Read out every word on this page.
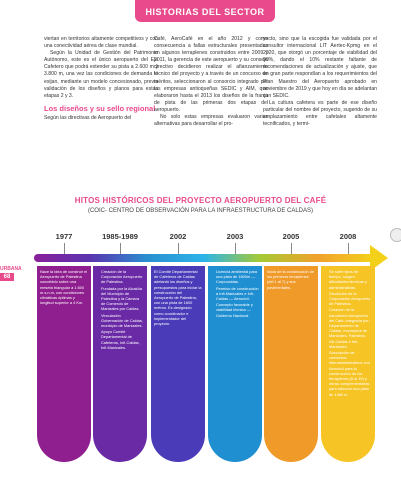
HISTORIAS DEL SECTOR
URBANA
68

viertan en territorios altamente competitivos y con una conectividad aérea de clase mundial.

Según la Unidad de Gestión del Patrimonio Autónomo, este es el único aeropuerto del Eje Cafetero que podrá extender su pista a 2.600 m y 3.800 m, una vez las condiciones de demanda lo exijan, mediante un modelo concesionado, previa validación de los diseños y planos para estas etapas 2 y 3.

Los diseños y su sello regional

Según las directivas de Aeropuerto del

Café, AeroCafé en el año 2012 y como consecuencia a fallas estructurales presentadas en algunos terraplenes construidos entre 2009 y 2011, la gerencia de este aeropuerto y su consejo directivo decidieron realizar el afianzamiento técnico del proyecto y a través de un concurso de méritos, seleccionaron al consorcio integrado por las empresas antioqueñas SEDIC y AIM, que elaboraron hasta el 2013 los diseños de la franja de pista de las primeras dos etapas del aeropuerto.

No solo estas empresas evaluaron varias alternativas para desarrollar el pro-

yecto, sino que la escogida fue validada por el consultor internacional LIT Aertec-Kpmg en el 2020, que otorgó un porcentaje de viabilidad del 90%, dando el 10% restante faltante de recomendaciones de actualización y ajuste, que en gran parte respondían a los requerimientos del Plan Maestro del Aeropuerto aprobado en noviembre de 2019 y que hoy en día se adelantan con SEDIC.

La cultura cafetera es parte de ese diseño particular del nombre del proyecto, sugerido de su emplazamiento entre cafetales altamente tecnificados, y termi-

HITOS HISTÓRICOS DEL PROYECTO AEROPUERTO DEL CAFÉ
(COIC- CENTRO DE OBSERVACIÓN PARA LA INFRAESTRUCTURA DE CALDAS)
1977	1985-1989	2002	2003	2005	2008

Nace la idea de construir el Aeropuerto de Palestina concebido sobre una meseta triangular a 1.600 m.s.n.m, con condiciones climáticas óptimas y longitud superior a 4 Km.

• Creación de la Corporación Aeropuerto de Palestina.
• Fundada por la Alcaldía del Municipio de Palestina y la Cámara de Comercio de Manizales por Caldas.
• Vinculación Gobernación de Caldas, municipio de Manizales.
• Apoyo Comité Departamental de Cafeteros, Infi-Caldas, Infi-Manizales.

El Comité Departamental de Cafeteros de Caldas adelantó los diseños y presupuestos para iniciar la construcción del Aeropuerto de Palestina, con una pista de 1600 metros. Es designado como coordinador e implementador del proyecto.

• Licencia ambiental para una pista de 1600m — Corpocaldas.
• Permiso de construcción a Infi-Manizales e Infi-Caldas — Aerocivil.
• Concepto favorable y viabilidad técnica — Gobierno Nacional.

Inicia de la construcción de los primeros terraplenes (del 1 al 7) y sus pavimentales.

• Se sufre tipos de tiempo, surgen dificultades técnicas y administrativas.
• Disolución de la Corporación Aeropuerto de Palestina.
• Creación de la Asociación Aeropuerto del Café, integrada por: Departamento de Caldas, municipios de Manizales, Palestina, Infi-Caldas e Infi-Manizales.
• Suscripción de convenios interadministrativos con Aerocivil para la construcción de los terraplenes (8 al 15) y obras complementarias para adecuar una pista de 1460 m.
